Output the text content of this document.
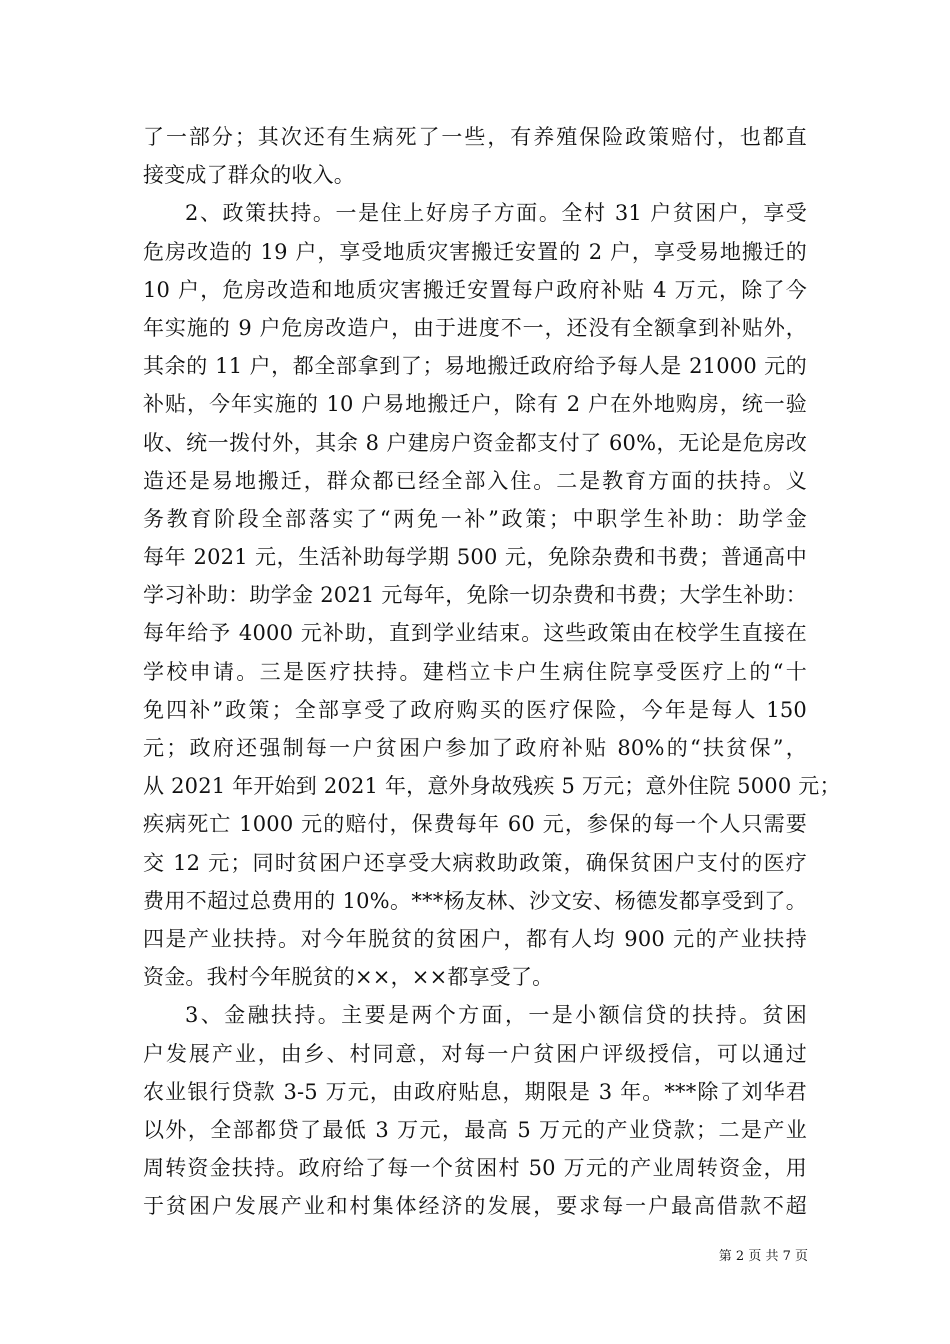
了一部分；其次还有生病死了一些，有养殖保险政策赔付，也都直
接变成了群众的收入。
2、政策扶持。一是住上好房子方面。全村 31 户贫困户，享受
危房改造的 19 户，享受地质灾害搬迁安置的 2 户，享受易地搬迁的
10 户，危房改造和地质灾害搬迁安置每户政府补贴 4 万元，除了今
年实施的 9 户危房改造户，由于进度不一，还没有全额拿到补贴外，
其余的 11 户，都全部拿到了；易地搬迁政府给予每人是 21000 元的
补贴，今年实施的 10 户易地搬迁户，除有 2 户在外地购房，统一验
收、统一拨付外，其余 8 户建房户资金都支付了 60%，无论是危房改
造还是易地搬迁，群众都已经全部入住。二是教育方面的扶持。义
务教育阶段全部落实了“两免一补”政策；中职学生补助：助学金
每年 2021 元，生活补助每学期 500 元，免除杂费和书费；普通高中
学习补助：助学金 2021 元每年，免除一切杂费和书费；大学生补助：
每年给予 4000 元补助，直到学业结束。这些政策由在校学生直接在
学校申请。三是医疗扶持。建档立卡户生病住院享受医疗上的“十
免四补”政策；全部享受了政府购买的医疗保险，今年是每人 150
元；政府还强制每一户贫困户参加了政府补贴 80%的“扶贫保”，
从 2021 年开始到 2021 年，意外身故残疾 5 万元；意外住院 5000 元；
疾病死亡 1000 元的赔付，保费每年 60 元，参保的每一个人只需要
交 12 元；同时贫困户还享受大病救助政策，确保贫困户支付的医疗
费用不超过总费用的 10%。***杨友林、沙文安、杨德发都享受到了。
四是产业扶持。对今年脱贫的贫困户，都有人均 900 元的产业扶持
资金。我村今年脱贫的××，××都享受了。
3、金融扶持。主要是两个方面，一是小额信贷的扶持。贫困
户发展产业，由乡、村同意，对每一户贫困户评级授信，可以通过
农业银行贷款 3-5 万元，由政府贴息，期限是 3 年。***除了刘华君
以外，全部都贷了最低 3 万元，最高 5 万元的产业贷款；二是产业
周转资金扶持。政府给了每一个贫困村 50 万元的产业周转资金，用
于贫困户发展产业和村集体经济的发展，要求每一户最高借款不超
第 2 页 共 7 页
